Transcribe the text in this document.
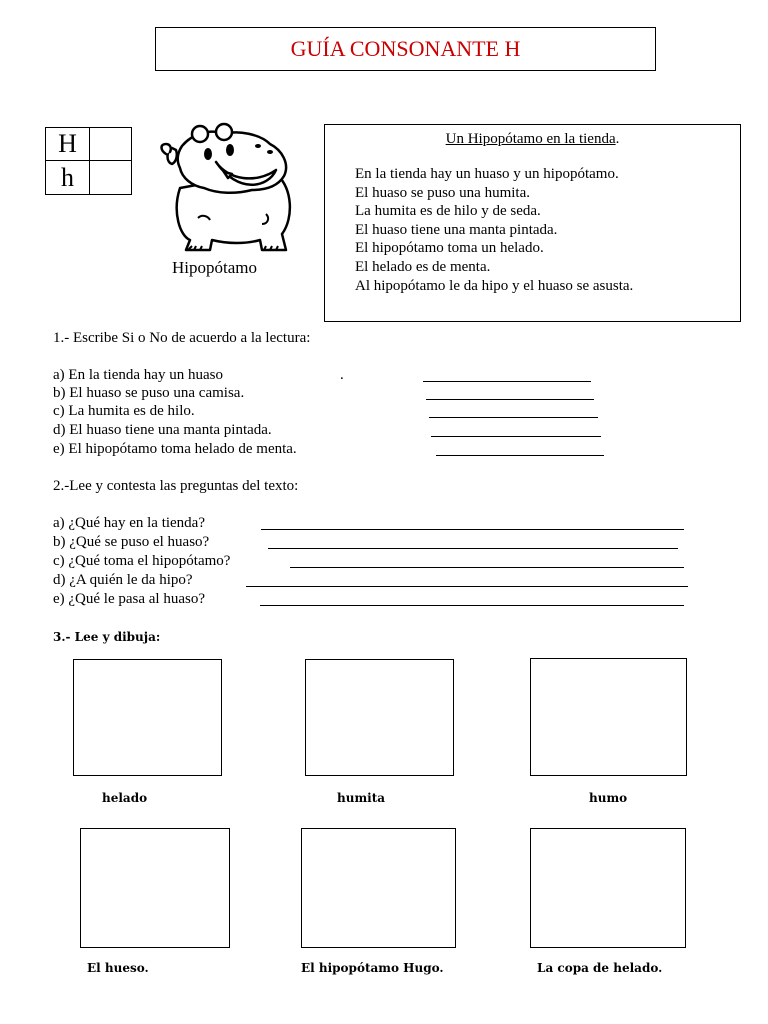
GUÍA CONSONANTE H
H
h
Hipopótamo
Un Hipopótamo en la tienda.
En la tienda hay un huaso y un hipopótamo.
El huaso se puso una humita.
La humita es de hilo y de seda.
El huaso tiene una manta pintada.
El hipopótamo toma un helado.
El helado es de menta.
Al hipopótamo le da hipo y el huaso se asusta.
1.- Escribe Si o No de acuerdo a la lectura:
a) En la tienda hay un huaso	.
b) El huaso se puso una camisa.
c) La humita es de hilo.
d) El huaso tiene una manta pintada.
e) El hipopótamo toma helado de menta.
2.-Lee y contesta las preguntas del texto:
a) ¿Qué hay en la tienda?
b) ¿Qué se puso el huaso?
c) ¿Qué toma el hipopótamo?
d) ¿A quién le da hipo?
e) ¿Qué le pasa al huaso?
3.- Lee y dibuja:
helado	humita	humo
El hueso.	El hipopótamo Hugo.	La copa de helado.
